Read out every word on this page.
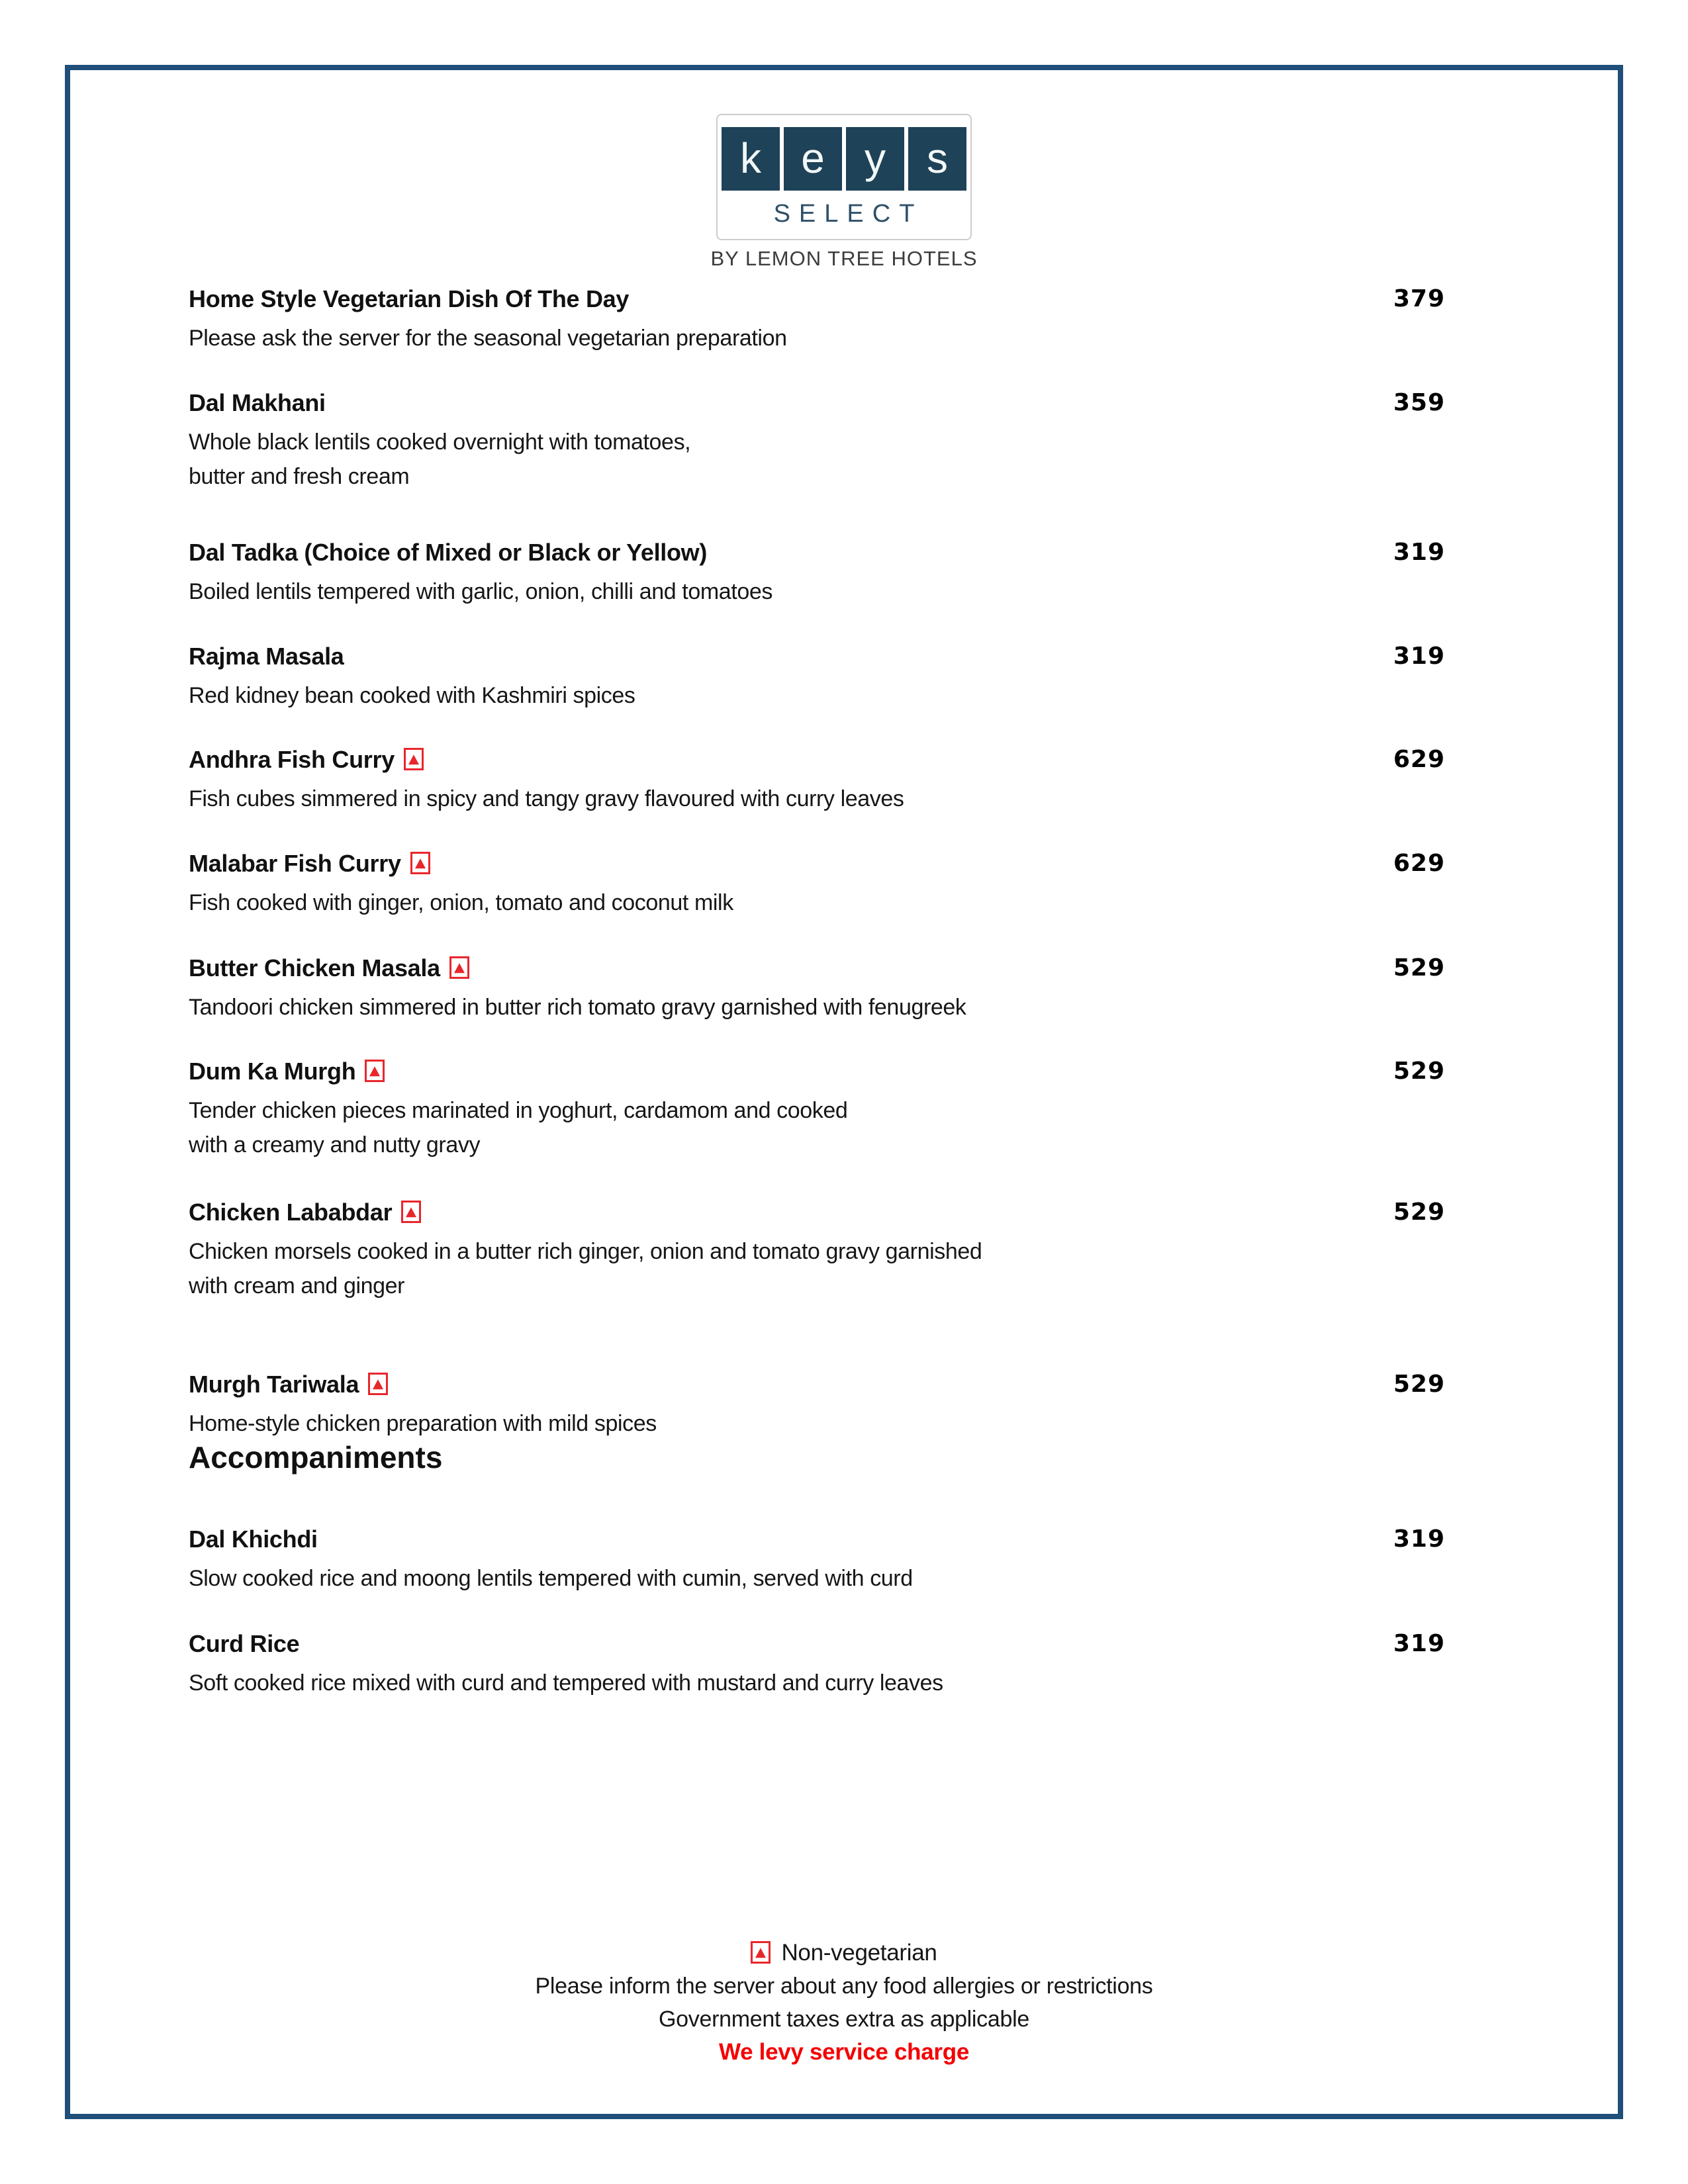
k e y s
SELECT
BY LEMON TREE HOTELS
Home Style Vegetarian Dish Of The Day	379
Please ask the server for the seasonal vegetarian preparation
Dal Makhani	359
Whole black lentils cooked overnight with tomatoes,
butter and fresh cream
Dal Tadka (Choice of Mixed or Black or Yellow)	319
Boiled lentils tempered with garlic, onion, chilli and tomatoes
Rajma Masala	319
Red kidney bean cooked with Kashmiri spices
Andhra Fish Curry	629
Fish cubes simmered in spicy and tangy gravy flavoured with curry leaves
Malabar Fish Curry	629
Fish cooked with ginger, onion, tomato and coconut milk
Butter Chicken Masala	529
Tandoori chicken simmered in butter rich tomato gravy garnished with fenugreek
Dum Ka Murgh	529
Tender chicken pieces marinated in yoghurt, cardamom and cooked
with a creamy and nutty gravy
Chicken Lababdar	529
Chicken morsels cooked in a butter rich ginger, onion and tomato gravy garnished
with cream and ginger
Murgh Tariwala	529
Home-style chicken preparation with mild spices
Accompaniments
Dal Khichdi	319
Slow cooked rice and moong lentils tempered with cumin, served with curd
Curd Rice	319
Soft cooked rice mixed with curd and tempered with mustard and curry leaves
Non-vegetarian
Please inform the server about any food allergies or restrictions
Government taxes extra as applicable
We levy service charge
